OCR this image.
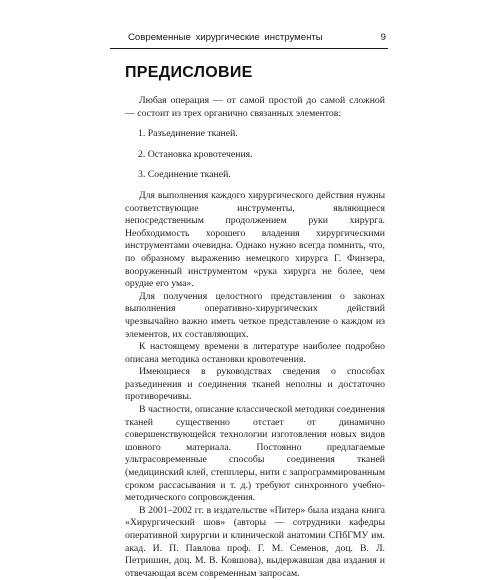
Современные хирургические инструменты	9
ПРЕДИСЛОВИЕ

Любая операция — от самой простой до самой сложной — состоит из трех органично связанных элементов:

1. Разъединение тканей.

2. Остановка кровотечения.

3. Соединение тканей.

Для выполнения каждого хирургического действия нужны соответствующие инструменты, являющиеся непосредственным продолжением руки хирурга. Необходимость хорошего владения хирургическими инструментами очевидна. Однако нужно всегда помнить, что, по образному выражению немецкого хирурга Г. Финзера, вооруженный инструментом «рука хирурга не более, чем орудие его ума».

Для получения целостного представления о законах выполнения оперативно-хирургических действий чрезвычайно важно иметь четкое представление о каждом из элементов, их составляющих.

К настоящему времени в литературе наиболее подробно описана методика остановки кровотечения.

Имеющиеся в руководствах сведения о способах разъединения и соединения тканей неполны и достаточно противоречивы.

В частности, описание классической методики соединения тканей существенно отстает от динамично совершенствующейся технологии изготовления новых видов шовного материала. Постоянно предлагаемые ультрасовременные способы соединения тканей (медицинский клей, степплеры, нити с запрограммированным сроком рассасывания и т. д.) требуют синхронного учебно-методического сопровождения.

В 2001–2002 гг. в издательстве «Питер» была издана книга «Хирургический шов» (авторы — сотрудники кафедры оперативной хирургии и клинической анатомии СПбГМУ им. акад. И. П. Павлова проф. Г. М. Семенов, доц. В. Л. Петришин, доц. М. В. Ковшова), выдержавшая два издания и отвечающая всем современным запросам.
